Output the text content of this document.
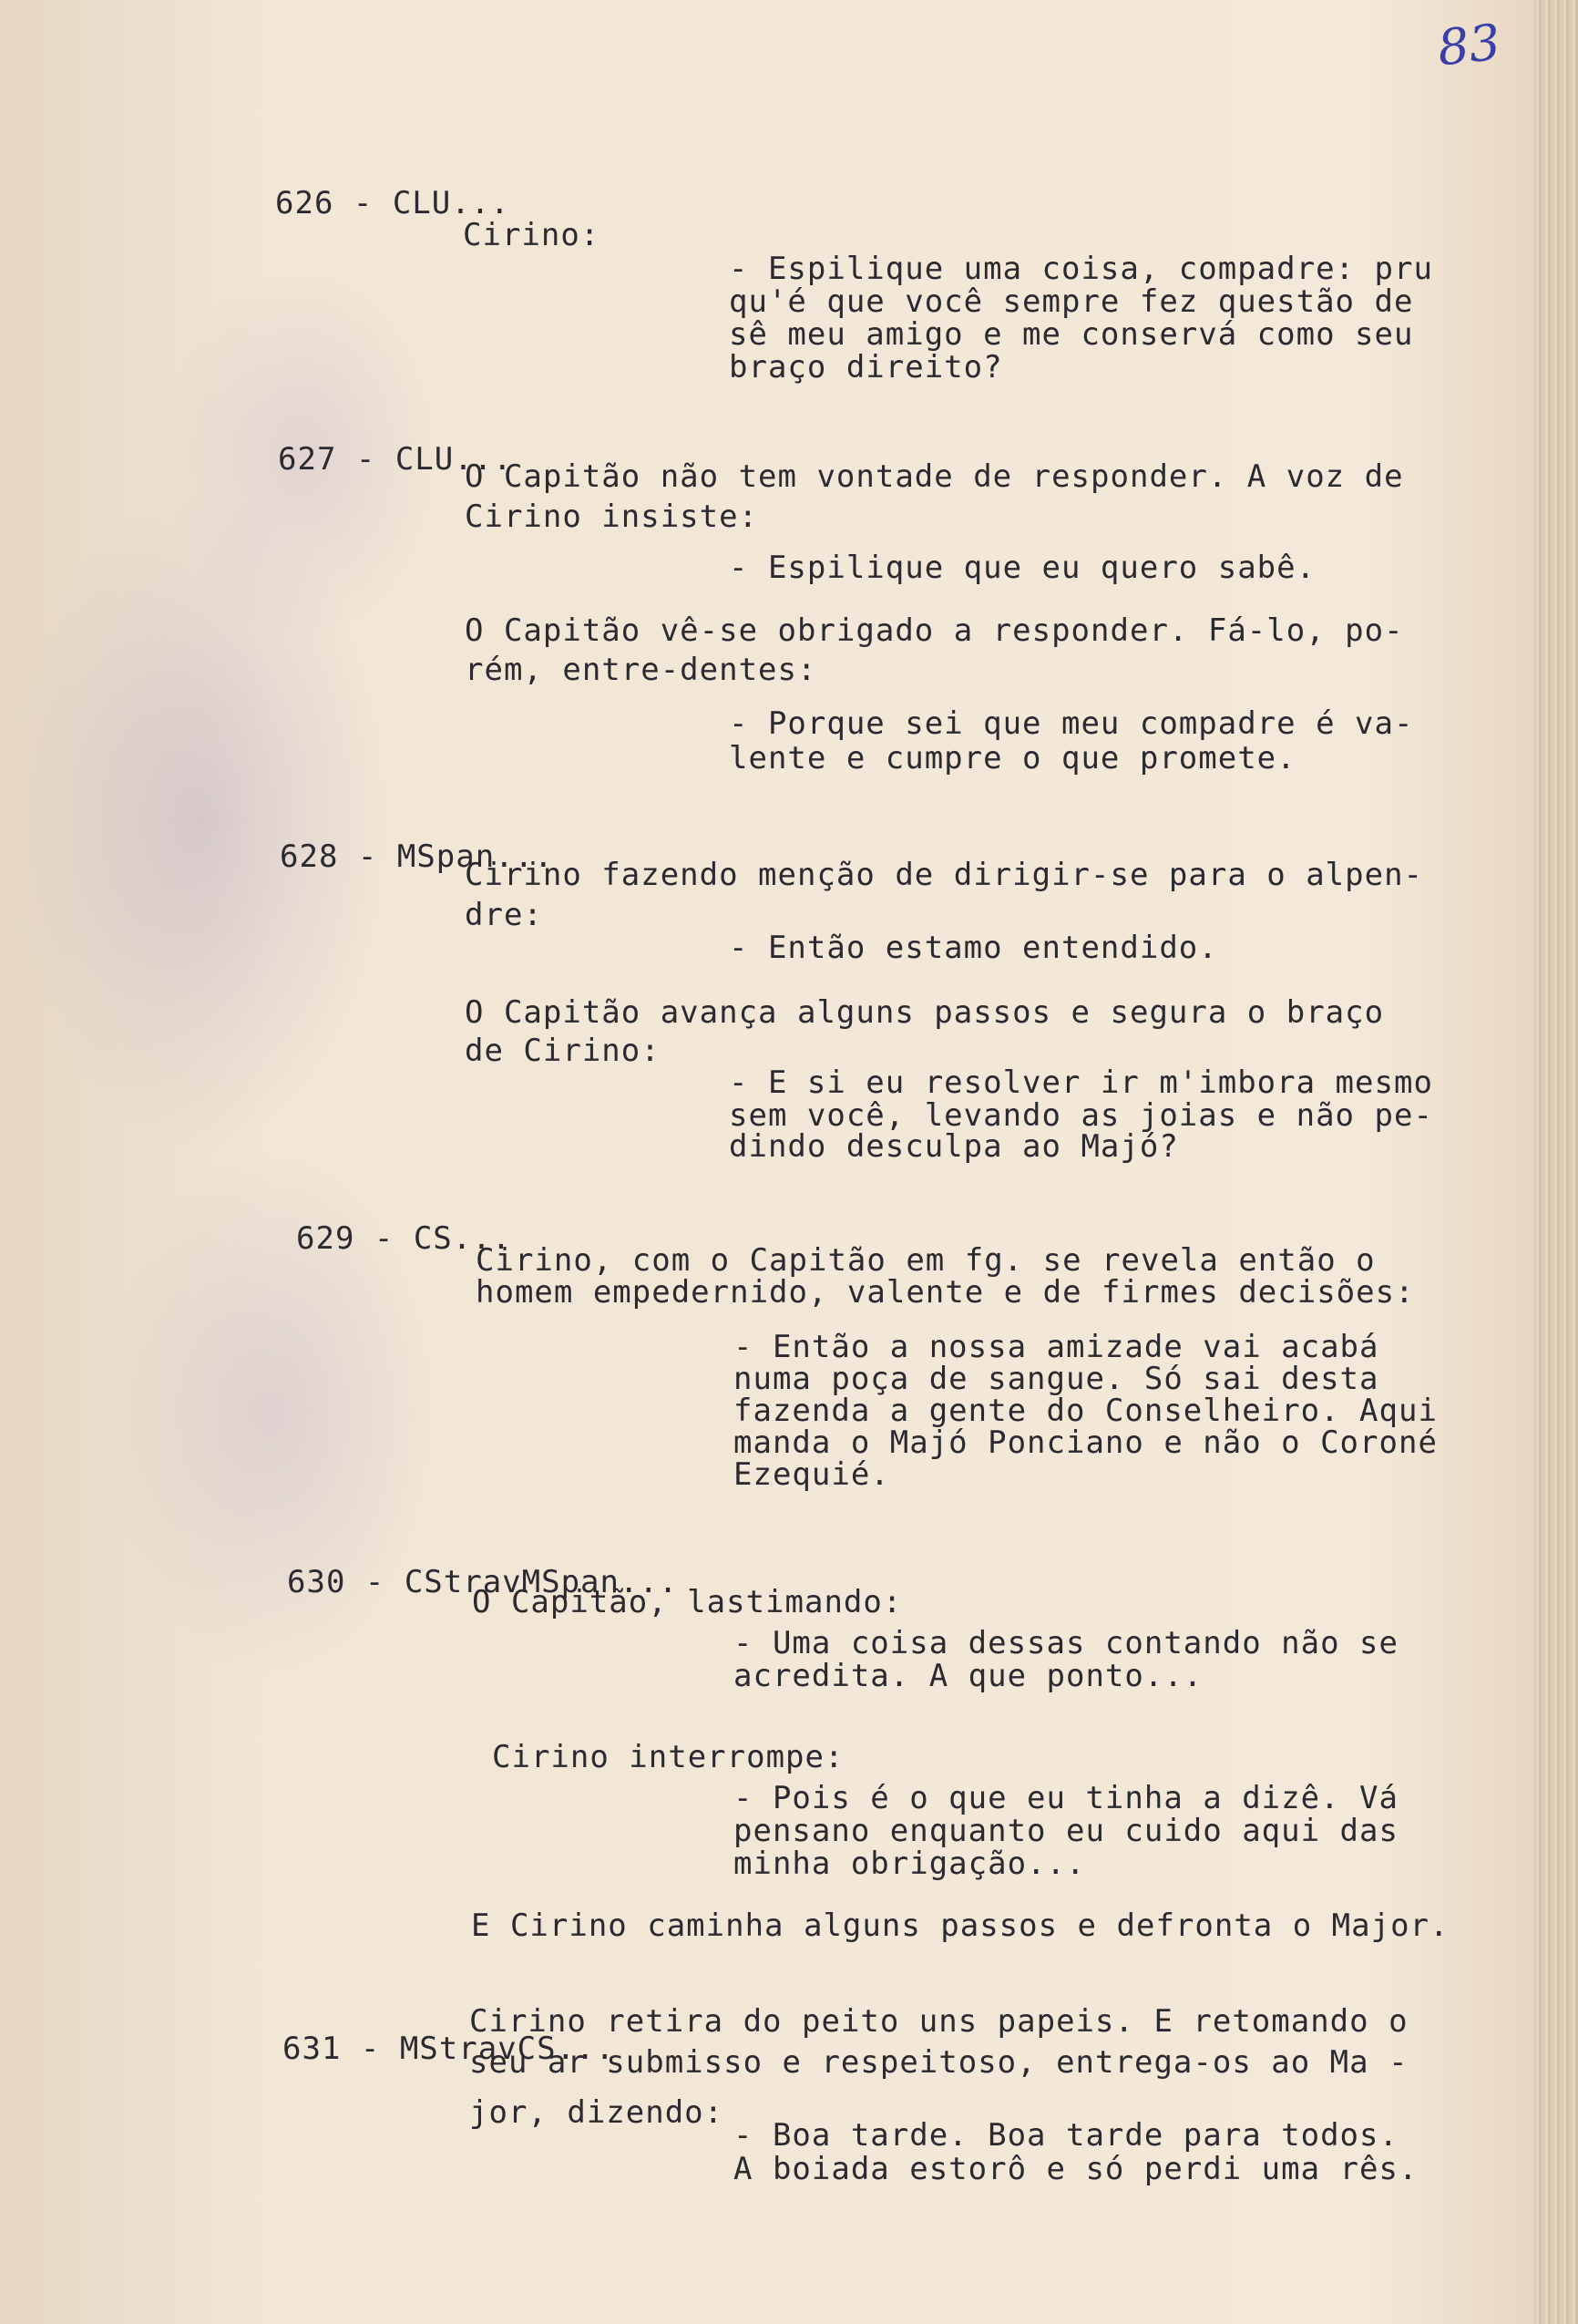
83
626 - CLU...
Cirino:
- Espilique uma coisa, compadre: pru
qu'é que você sempre fez questão de
sê meu amigo e me conservá como seu
braço direito?
627 - CLU...
O Capitão não tem vontade de responder. A voz de
Cirino insiste:
- Espilique que eu quero sabê.
O Capitão vê-se obrigado a responder. Fá-lo, po-
rém, entre-dentes:
- Porque sei que meu compadre é va-
lente e cumpre o que promete.
628 - MSpan...
Cirino fazendo menção de dirigir-se para o alpen-
dre:
- Então estamo entendido.
O Capitão avança alguns passos e segura o braço
de Cirino:
- E si eu resolver ir m'imbora mesmo
sem você, levando as joias e não pe-
dindo desculpa ao Majó?
629 - CS...
Cirino, com o Capitão em fg. se revela então o
homem empedernido, valente e de firmes decisões:
- Então a nossa amizade vai acabá
numa poça de sangue. Só sai desta
fazenda a gente do Conselheiro. Aqui
manda o Majó Ponciano e não o Coroné
Ezequié.
630 - CStravMSpan...
O Capitão, lastimando:
- Uma coisa dessas contando não se
acredita. A que ponto...
Cirino interrompe:
- Pois é o que eu tinha a dizê. Vá
pensano enquanto eu cuido aqui das
minha obrigação...
E Cirino caminha alguns passos e defronta o Major.
631 - MStravCS...
Cirino retira do peito uns papeis. E retomando o
seu ar submisso e respeitoso, entrega-os ao Ma -
jor, dizendo:
- Boa tarde. Boa tarde para todos.
A boiada estorô e só perdi uma rês.
